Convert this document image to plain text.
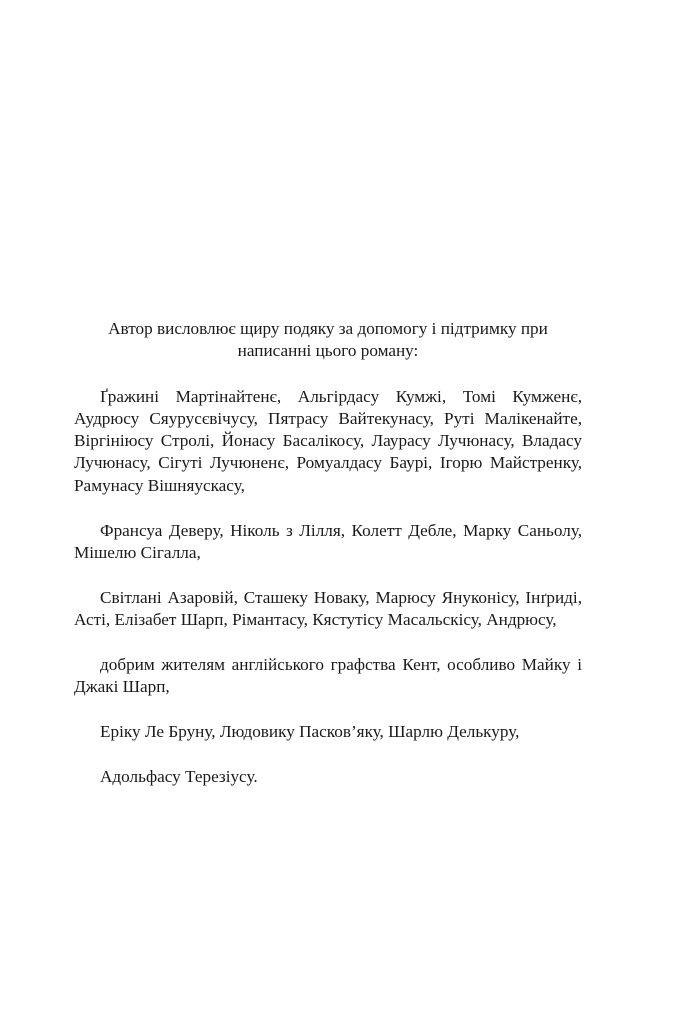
Автор висловлює щиру подяку за допомогу і підтримку при написанні цього роману:

Ґражині Мартінайтенє, Альгірдасу Кумжі, Томі Кумженє, Аудрюсу Сяурусєвічусу, Пятрасу Вайтекунасу, Руті Малікенайте, Віргініюсу Стролі, Йонасу Басалікосу, Лаурасу Лучюнасу, Владасу Лучюнасу, Сігуті Лучюненє, Ромуалдасу Баурі, Ігорю Майстренку, Рамунасу Вішняускасу,

Франсуа Деверу, Ніколь з Лілля, Колетт Дебле, Марку Саньолу, Мішелю Сігалла,

Світлані Азаровій, Сташеку Новаку, Марюсу Януконісу, Інґриді, Асті, Елізабет Шарп, Рімантасу, Кястутісу Масальскісу, Андрюсу,

добрим жителям англійського графства Кент, особливо Майку і Джакі Шарп,

Еріку Ле Бруну, Людовику Пасков’яку, Шарлю Делькуру,

Адольфасу Терезіусу.
